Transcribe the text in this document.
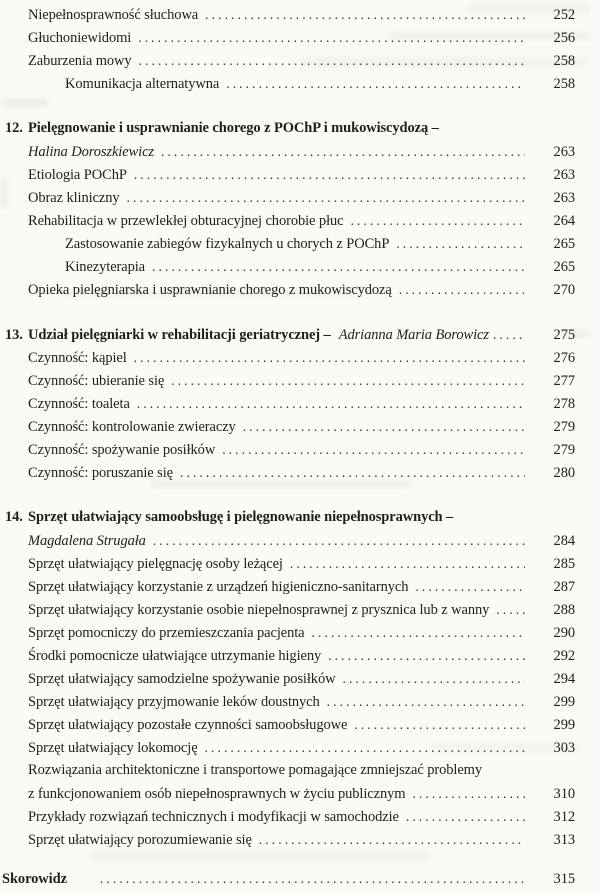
Niepełnosprawność słuchowa .....	252
Głuchoniewidomi .....	256
Zaburzenia mowy .....	258
Komunikacja alternatywna .....	258
12. Pielęgnowanie i usprawnianie chorego z POChP i mukowiscydozą –
Halina Doroszkiewicz .....	263
Etiologia POChP .....	263
Obraz kliniczny .....	263
Rehabilitacja w przewlekłej obturacyjnej chorobie płuc .....	264
Zastosowanie zabiegów fizykalnych u chorych z POChP .....	265
Kinezyterapia .....	265
Opieka pielęgniarska i usprawnianie chorego z mukowiscydozą .....	270
13. Udział pielęgniarki w rehabilitacji geriatrycznej – Adrianna Maria Borowicz .....	275
Czynność: kąpiel .....	276
Czynność: ubieranie się .....	277
Czynność: toaleta .....	278
Czynność: kontrolowanie zwieraczy .....	279
Czynność: spożywanie posiłków .....	279
Czynność: poruszanie się .....	280
14. Sprzęt ułatwiający samoobsługę i pielęgnowanie niepełnosprawnych –
Magdalena Strugała .....	284
Sprzęt ułatwiający pielęgnację osoby leżącej .....	285
Sprzęt ułatwiający korzystanie z urządzeń higieniczno-sanitarnych .....	287
Sprzęt ułatwiający korzystanie osobie niepełnosprawnej z prysznica lub z wanny .....	288
Sprzęt pomocniczy do przemieszczania pacjenta .....	290
Środki pomocnicze ułatwiające utrzymanie higieny .....	292
Sprzęt ułatwiający samodzielne spożywanie posiłków .....	294
Sprzęt ułatwiający przyjmowanie leków doustnych .....	299
Sprzęt ułatwiający pozostałe czynności samoobsługowe .....	299
Sprzęt ułatwiający lokomocję .....	303
Rozwiązania architektoniczne i transportowe pomagające zmniejszać problemy
z funkcjonowaniem osób niepełnosprawnych w życiu publicznym .....	310
Przykłady rozwiązań technicznych i modyfikacji w samochodzie .....	312
Sprzęt ułatwiający porozumiewanie się .....	313
Skorowidz .....	315
